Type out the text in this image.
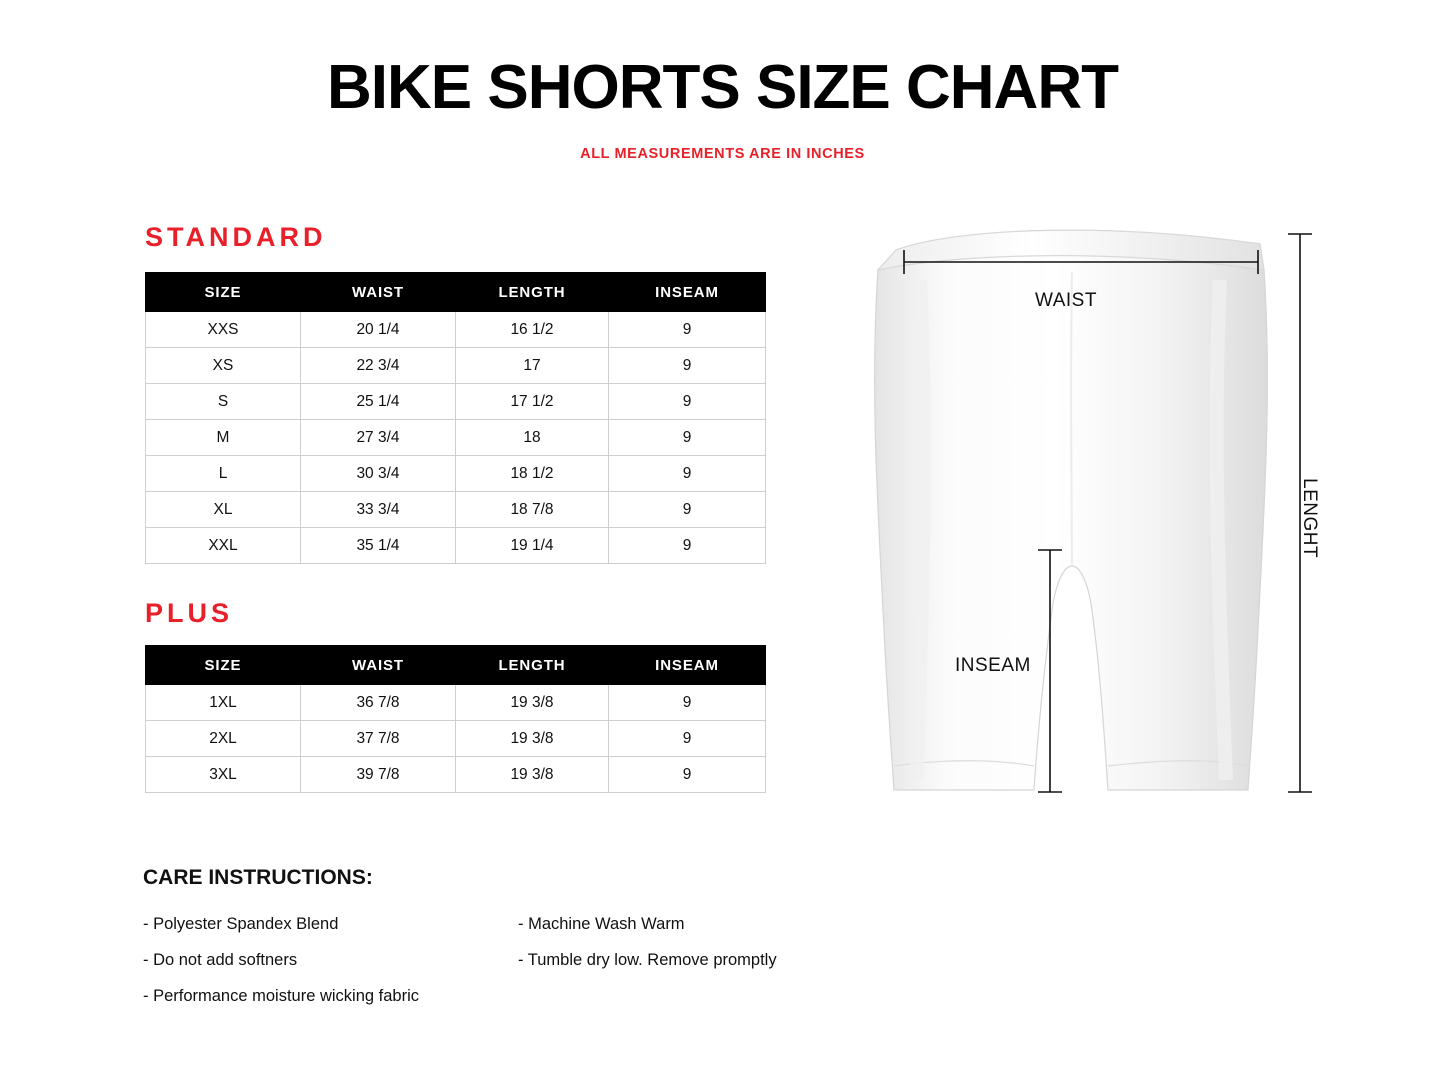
BIKE SHORTS SIZE CHART
ALL MEASUREMENTS ARE IN INCHES
STANDARD
SIZE	WAIST	LENGTH	INSEAM
XXS	20 1/4	16 1/2	9
XS	22 3/4	17	9
S	25 1/4	17 1/2	9
M	27 3/4	18	9
L	30 3/4	18 1/2	9
XL	33 3/4	18 7/8	9
XXL	35 1/4	19 1/4	9
PLUS
SIZE	WAIST	LENGTH	INSEAM
1XL	36 7/8	19 3/8	9
2XL	37 7/8	19 3/8	9
3XL	39 7/8	19 3/8	9
CARE INSTRUCTIONS:
- Polyester Spandex Blend	- Machine Wash Warm
- Do not add softners	- Tumble dry low. Remove promptly
- Performance moisture wicking fabric
WAIST
INSEAM
LENGHT
